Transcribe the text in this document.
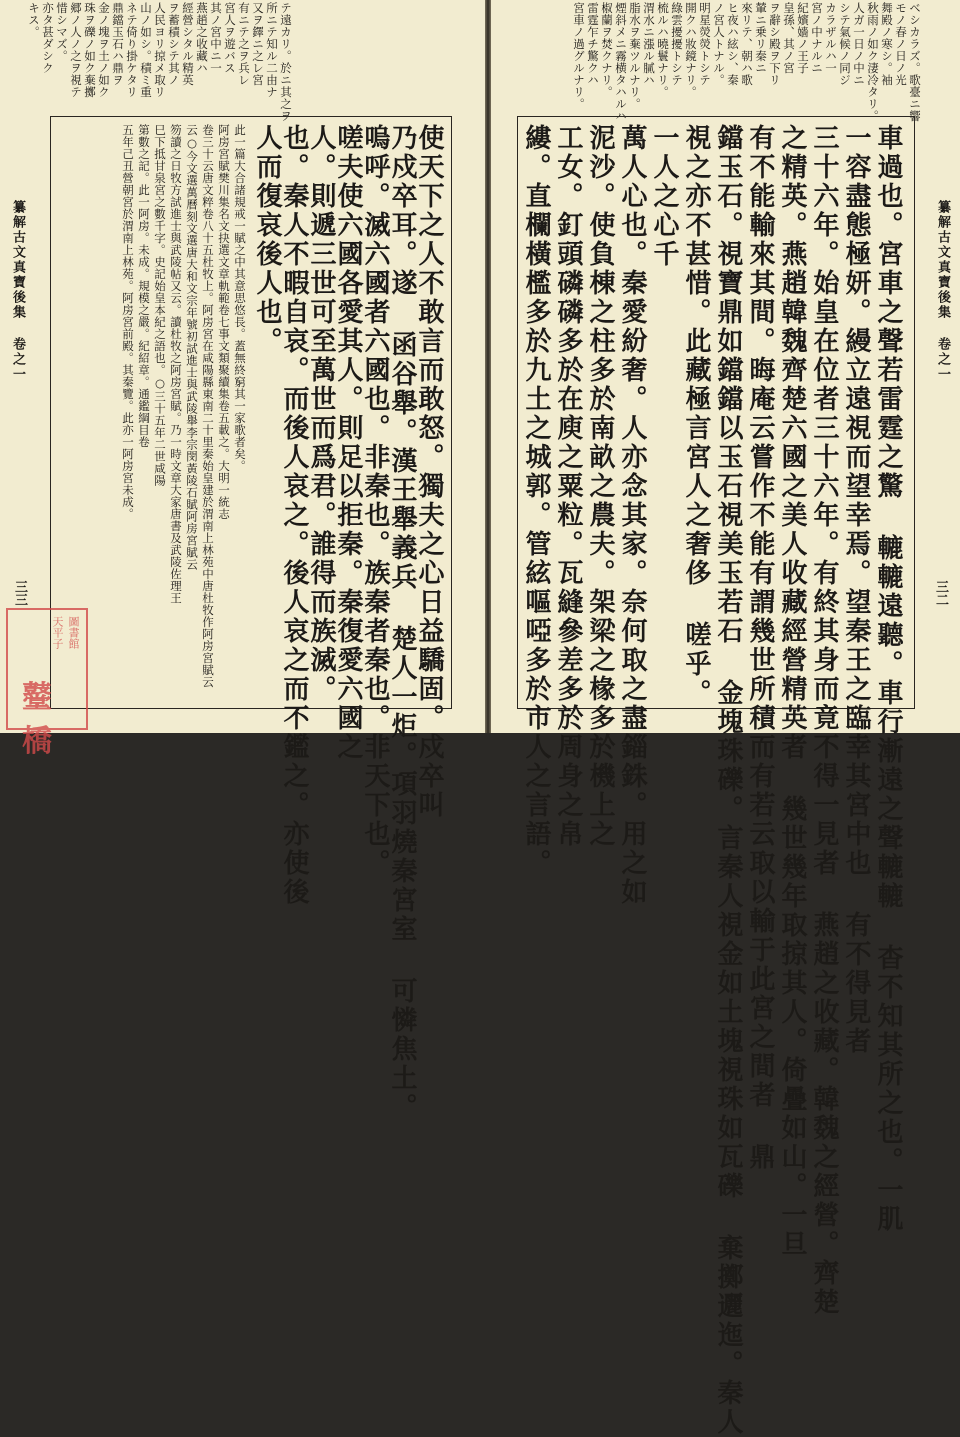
テ遠カリ。於ニ其之ヲ
所ニテ知ル二由ナ
又ヲ鐸ニ之レ宮
有ニテ之ヲ兵レ
宮人ヲ遊バス
其ノ宮中ニ一
燕趙之收藏ハ
經營シタル精英
ヲ蓄積シテ其ノ
人民ヨリ掠メ取リ
山ノ如シ。積ミ重
ネテ倚り掛ケタリ
鼎鐺玉石ハ鼎ヲ
金ノ塊ヲ土ノ如ク
珠ヲ礫ノ如ク棄擲
郷ノ人ノ之ヲ視テ
惜シマズ。
亦タ甚ダシク
キス。
使天下之人不敢言而敢怒。獨夫之心日益驕固。戍卒叫
乃戍卒耳。遂 函谷舉。漢王舉義兵 楚人一炬。項羽燒秦宮室 可憐焦土。
嗚呼。滅六國者六國也。非秦也。族秦者秦也。非天下也。
嗟夫使六國各愛其人。則足以拒秦。秦復愛六國之
人。則遞三世可至萬世而爲君。誰得而族滅。
也。秦人不暇自哀。而後人哀之。後人哀之而不鑑之。亦使後
人而復哀後人也。
此一篇大合諸規戒一賦之中其意思悠長。蓋無終窮其一家歌者矣。
阿房宮賦樊川集名文抉選文章軌範卷七事文類聚續集卷五載之。大明一統志
卷三十云唐文粹卷八十五杜牧上。阿房宮在咸陽縣東南二十里秦始皇建於渭南上林苑中唐杜牧作阿房宮賦云
云○今文選萬曆刻文選唐大和文宗年號初試進士與武陵舉李宗閔黃陵石賦阿房宮賦云
笏讀之日牧方試進士與武陵帖又云。讀杜牧之阿房宮賦。乃一時文章大家唐書及武陵佐理王
巳下抵甘泉宮之數千字。史記始皇本紀之語也。○三十五年二世咸陽
第數之記。此一阿房。未成。規模之嚴。紀紹章。通鑑綱目卷
五年己丑營朝宮於渭南上林苑。阿房宮前殿。其秦覽。此亦一阿房宮未成。
纂解古文真寶後集 卷之一
三三
圖書館
天平子
鼞橋
ベシカラズ。歌臺ニ響
モノ春ノ日ノ光
舞殿ノ寒シ。袖
秋雨ノ如ク淒冷タリ。
人ガ一日ノ中ニ
シテ氣候ノ同ジ
カラザルハ一
宮ノ中ナルニ
紀嬪嬙ノ王子
皇孫、其ノ宮
ヲ辭シ殿ヲ下リ
輦ニ乗リ秦ニ
來リテ、朝ハ歌
ヒ夜ハ絃シ、秦
ノ宮人トナル。
明星熒熒トシテ
開クハ妝鏡ナリ。
綠雲擾擾トシテ
梳ルハ曉鬟ナリ。
渭水ニ漲ル膩ハ
脂水ヲ棄ツルナリ。
煙斜メニ霧横タハルハ
椒蘭ヲ焚クナリ。
雷霆乍チ驚クハ
宮車ノ過グルナリ。
車過也。宮車之聲若雷霆之驚 轆轆遠聽。車行漸遠之聲轆轆 杳不知其所之也。一肌
一容盡態極妍。縵立遠視而望幸焉。望秦王之臨幸其宮中也 有不得見者
三十六年。始皇在位者三十六年。有終其身而竟不得一見者 燕趙之收藏。韓魏之經營。齊楚
之精英。燕趙韓魏齊楚六國之美人收藏經營精英者 幾世幾年取掠其人。倚疊如山。一旦
有不能輸來其間。晦庵云嘗作不能有謂幾世所積而有若云取以輸于此宮之間者 鼎
鐺玉石。視寶鼎如鐺鐺以玉石視美玉若石 金塊珠礫。言秦人視金如土塊視珠如瓦礫 棄擲邐迤。秦人
視之亦不甚惜。此藏極言宮人之奢侈 嗟乎。
一人之心千
萬人心也。秦愛紛奢。人亦念其家。奈何取之盡錙銖。用之如
泥沙。使負棟之柱多於南畝之農夫。架梁之椽多於機上之
工女。釘頭磷磷多於在庾之粟粒。瓦縫參差多於周身之帛
縷。直欄橫檻多於九土之城郭。管絃嘔啞多於市人之言語。	纂解古文真寶後集 卷之一
三二
